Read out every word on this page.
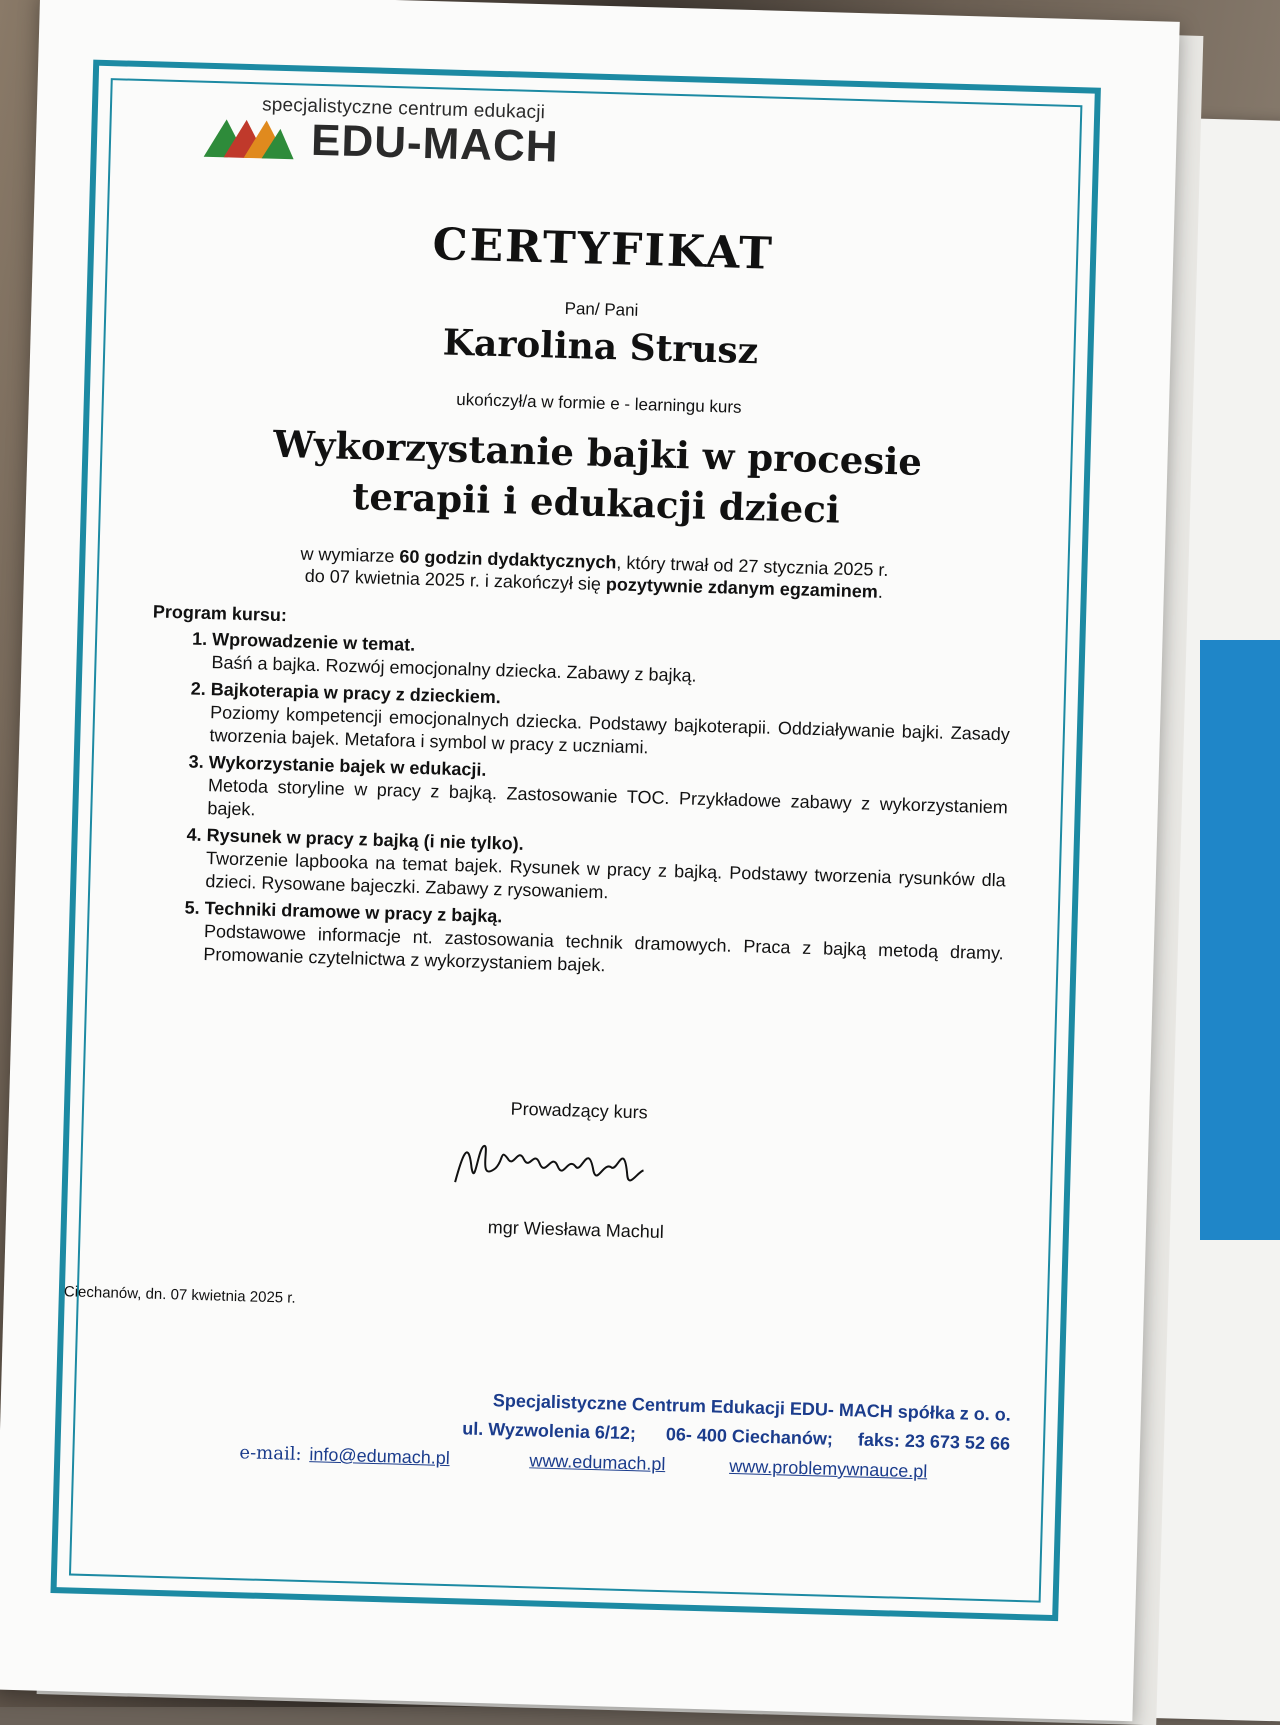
specjalistyczne centrum edukacji
EDU-MACH
CERTYFIKAT
Pan/ Pani
Karolina Strusz
ukończył/a w formie e - learningu kurs
Wykorzystanie bajki w procesie
terapii i edukacji dzieci
w wymiarze 60 godzin dydaktycznych, który trwał od 27 stycznia 2025 r.
do 07 kwietnia 2025 r. i zakończył się pozytywnie zdanym egzaminem.
Program kursu:
1. Wprowadzenie w temat.
Baśń a bajka. Rozwój emocjonalny dziecka. Zabawy z bajką.
2. Bajkoterapia w pracy z dzieckiem.
Poziomy kompetencji emocjonalnych dziecka. Podstawy bajkoterapii. Oddziaływanie bajki. Zasady tworzenia bajek. Metafora i symbol w pracy z uczniami.
3. Wykorzystanie bajek w edukacji.
Metoda storyline w pracy z bajką. Zastosowanie TOC. Przykładowe zabawy z wykorzystaniem bajek.
4. Rysunek w pracy z bajką (i nie tylko).
Tworzenie lapbooka na temat bajek. Rysunek w pracy z bajką. Podstawy tworzenia rysunków dla dzieci. Rysowane bajeczki. Zabawy z rysowaniem.
5. Techniki dramowe w pracy z bajką.
Podstawowe informacje nt. zastosowania technik dramowych. Praca z bajką metodą dramy. Promowanie czytelnictwa z wykorzystaniem bajek.
Prowadzący kurs
mgr Wiesława Machul
Ciechanów, dn. 07 kwietnia 2025 r.
Specjalistyczne Centrum Edukacji EDU- MACH spółka z o. o.
ul. Wyzwolenia 6/12;      06- 400 Ciechanów;     faks: 23 673 52 66
e-mail: info@edumach.pl	www.edumach.pl	www.problemywnauce.pl
